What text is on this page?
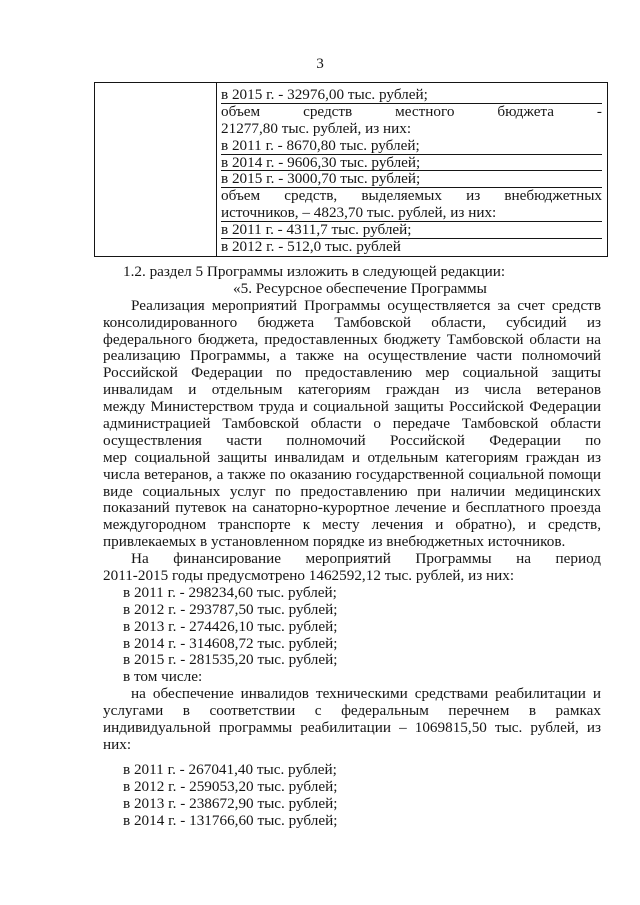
3

в 2015 г. - 32976,00 тыс. рублей;
объем средств местного бюджета -
21277,80 тыс. рублей, из них:
в 2011 г. - 8670,80 тыс. рублей;
в 2014 г. - 9606,30 тыс. рублей;
в 2015 г. - 3000,70 тыс. рублей;
объем средств, выделяемых из внебюджетных
источников, – 4823,70 тыс. рублей, из них:
в 2011 г. - 4311,7 тыс. рублей;
в 2012 г. - 512,0 тыс. рублей
1.2. раздел 5 Программы изложить в следующей редакции:
«5. Ресурсное обеспечение Программы
Реализация мероприятий Программы осуществляется за счет средств
консолидированного бюджета Тамбовской области, субсидий из
федерального бюджета, предоставленных бюджету Тамбовской области на
реализацию Программы, а также на осуществление части полномочий
Российской Федерации по предоставлению мер социальной защиты
инвалидам и отдельным категориям граждан из числа ветеранов
между Министерством труда и социальной защиты Российской Федерации
администрацией Тамбовской области о передаче Тамбовской области
осуществления части полномочий Российской Федерации по
мер социальной защиты инвалидам и отдельным категориям граждан из
числа ветеранов, а также по оказанию государственной социальной помощи
виде социальных услуг по предоставлению при наличии медицинских
показаний путевок на санаторно-курортное лечение и бесплатного проезда
междугородном транспорте к месту лечения и обратно), и средств,
привлекаемых в установленном порядке из внебюджетных источников.
На финансирование мероприятий Программы на период
2011-2015 годы предусмотрено 1462592,12 тыс. рублей, из них:
в 2011 г. - 298234,60 тыс. рублей;
в 2012 г. - 293787,50 тыс. рублей;
в 2013 г. - 274426,10 тыс. рублей;
в 2014 г. - 314608,72 тыс. рублей;
в 2015 г. - 281535,20 тыс. рублей;
в том числе:
на обеспечение инвалидов техническими средствами реабилитации и
услугами в соответствии с федеральным перечнем в рамках
индивидуальной программы реабилитации – 1069815,50 тыс. рублей, из
них:
в 2011 г. - 267041,40 тыс. рублей;
в 2012 г. - 259053,20 тыс. рублей;
в 2013 г. - 238672,90 тыс. рублей;
в 2014 г. - 131766,60 тыс. рублей;
